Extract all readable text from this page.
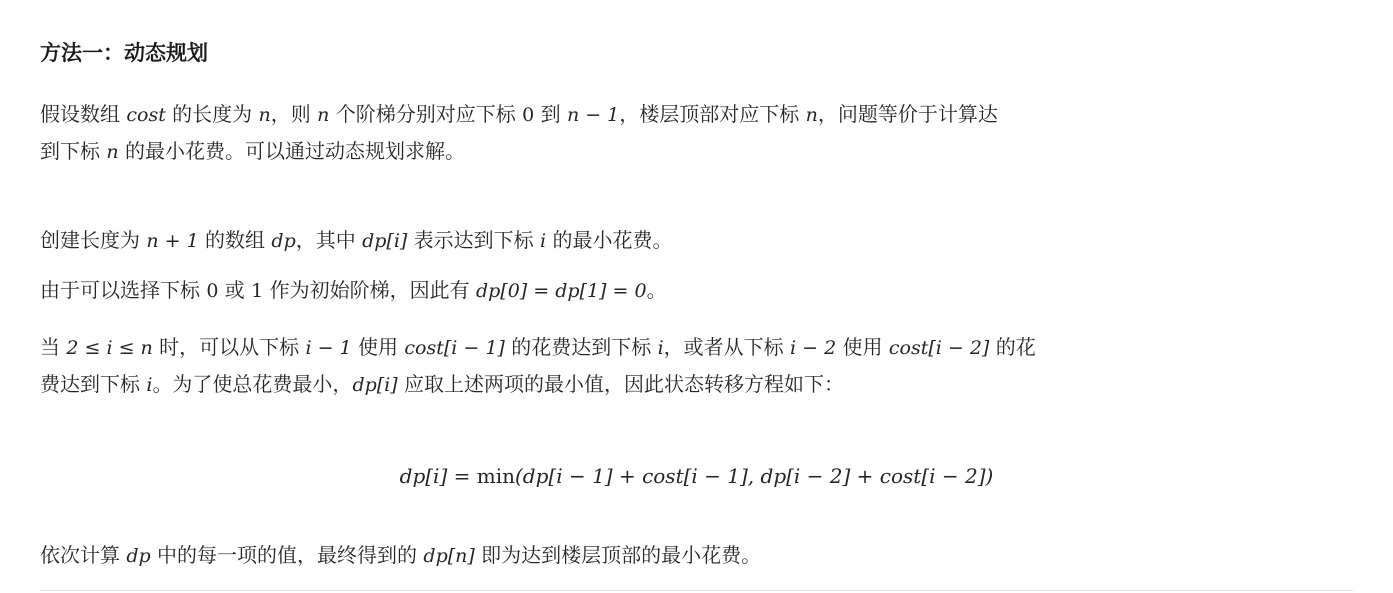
方法一：动态规划

假设数组 cost 的长度为 n，则 n 个阶梯分别对应下标 0 到 n − 1，楼层顶部对应下标 n，问题等价于计算达
到下标 n 的最小花费。可以通过动态规划求解。

创建长度为 n + 1 的数组 dp，其中 dp[i] 表示达到下标 i 的最小花费。

由于可以选择下标 0 或 1 作为初始阶梯，因此有 dp[0] = dp[1] = 0。

当 2 ≤ i ≤ n 时，可以从下标 i − 1 使用 cost[i − 1] 的花费达到下标 i，或者从下标 i − 2 使用 cost[i − 2] 的花
费达到下标 i。为了使总花费最小，dp[i] 应取上述两项的最小值，因此状态转移方程如下：

dp[i] = min(dp[i − 1] + cost[i − 1], dp[i − 2] + cost[i − 2])

依次计算 dp 中的每一项的值，最终得到的 dp[n] 即为达到楼层顶部的最小花费。
